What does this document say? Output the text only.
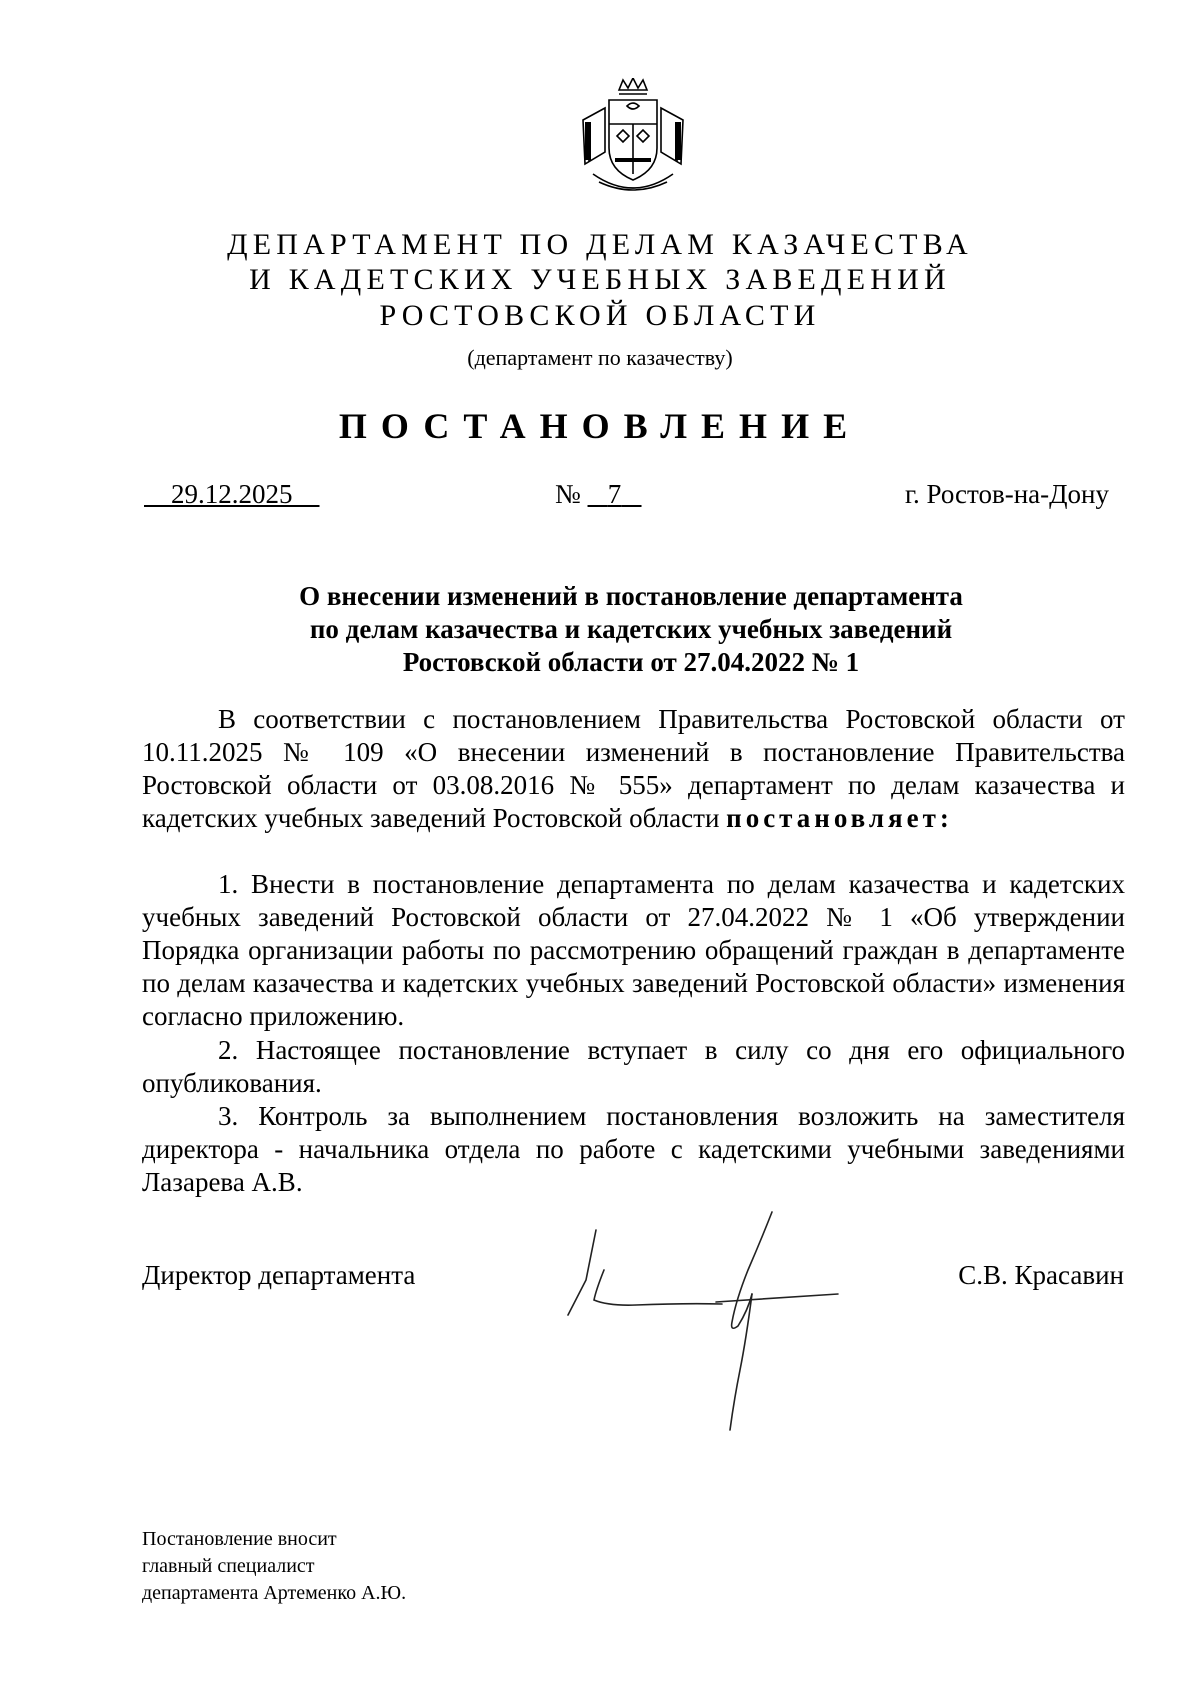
ДЕПАРТАМЕНТ ПО ДЕЛАМ КАЗАЧЕСТВА
И КАДЕТСКИХ УЧЕБНЫХ ЗАВЕДЕНИЙ
РОСТОВСКОЙ ОБЛАСТИ
(департамент по казачеству)
ПОСТАНОВЛЕНИЕ
29.12.2025	№ 7	г. Ростов-на-Дону
О внесении изменений в постановление департамента
по делам казачества и кадетских учебных заведений
Ростовской области от 27.04.2022 № 1
В соответствии с постановлением Правительства Ростовской области от 10.11.2025 № 109 «О внесении изменений в постановление Правительства Ростовской области от 03.08.2016 № 555» департамент по делам казачества и кадетских учебных заведений Ростовской области постановляет:
1. Внести в постановление департамента по делам казачества и кадетских учебных заведений Ростовской области от 27.04.2022 № 1 «Об утверждении Порядка организации работы по рассмотрению обращений граждан в департаменте по делам казачества и кадетских учебных заведений Ростовской области» изменения согласно приложению.
2. Настоящее постановление вступает в силу со дня его официального опубликования.
3. Контроль за выполнением постановления возложить на заместителя директора - начальника отдела по работе с кадетскими учебными заведениями Лазарева А.В.
Директор департамента	С.В. Красавин
Постановление вносит
главный специалист
департамента Артеменко А.Ю.
